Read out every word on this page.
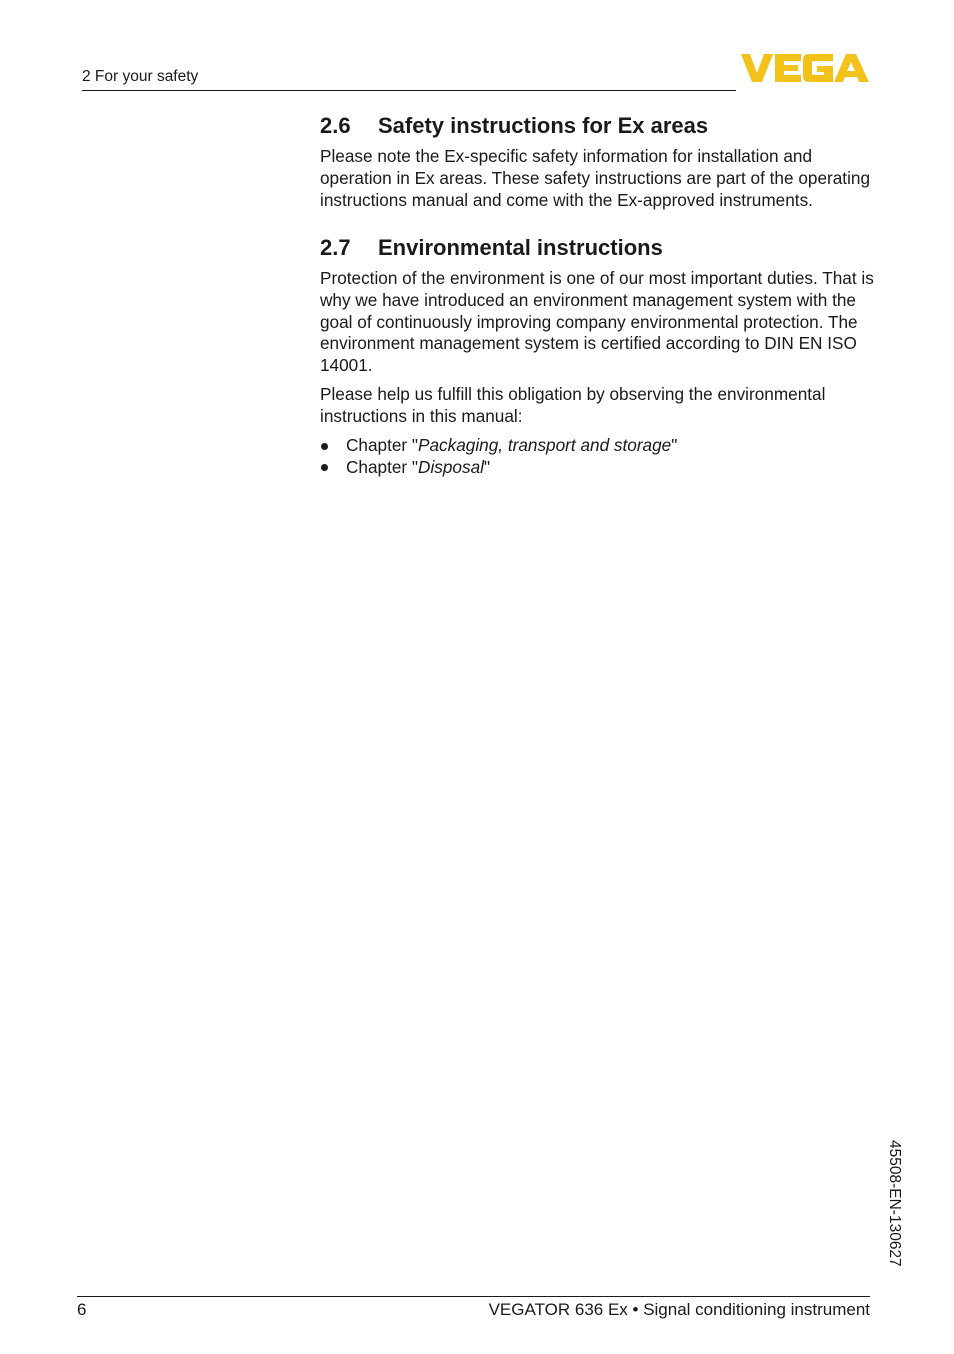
2 For your safety
2.6	Safety instructions for Ex areas

Please note the Ex-specific safety information for installation and operation in Ex areas. These safety instructions are part of the operating instructions manual and come with the Ex-approved instruments.

2.7	Environmental instructions

Protection of the environment is one of our most important duties. That is why we have introduced an environment management system with the goal of continuously improving company environmental protection. The environment management system is certified according to DIN EN ISO 14001.

Please help us fulfill this obligation by observing the environmental instructions in this manual:

Chapter "Packaging, transport and storage"
Chapter "Disposal"
45508-EN-130627
6	VEGATOR 636 Ex • Signal conditioning instrument
